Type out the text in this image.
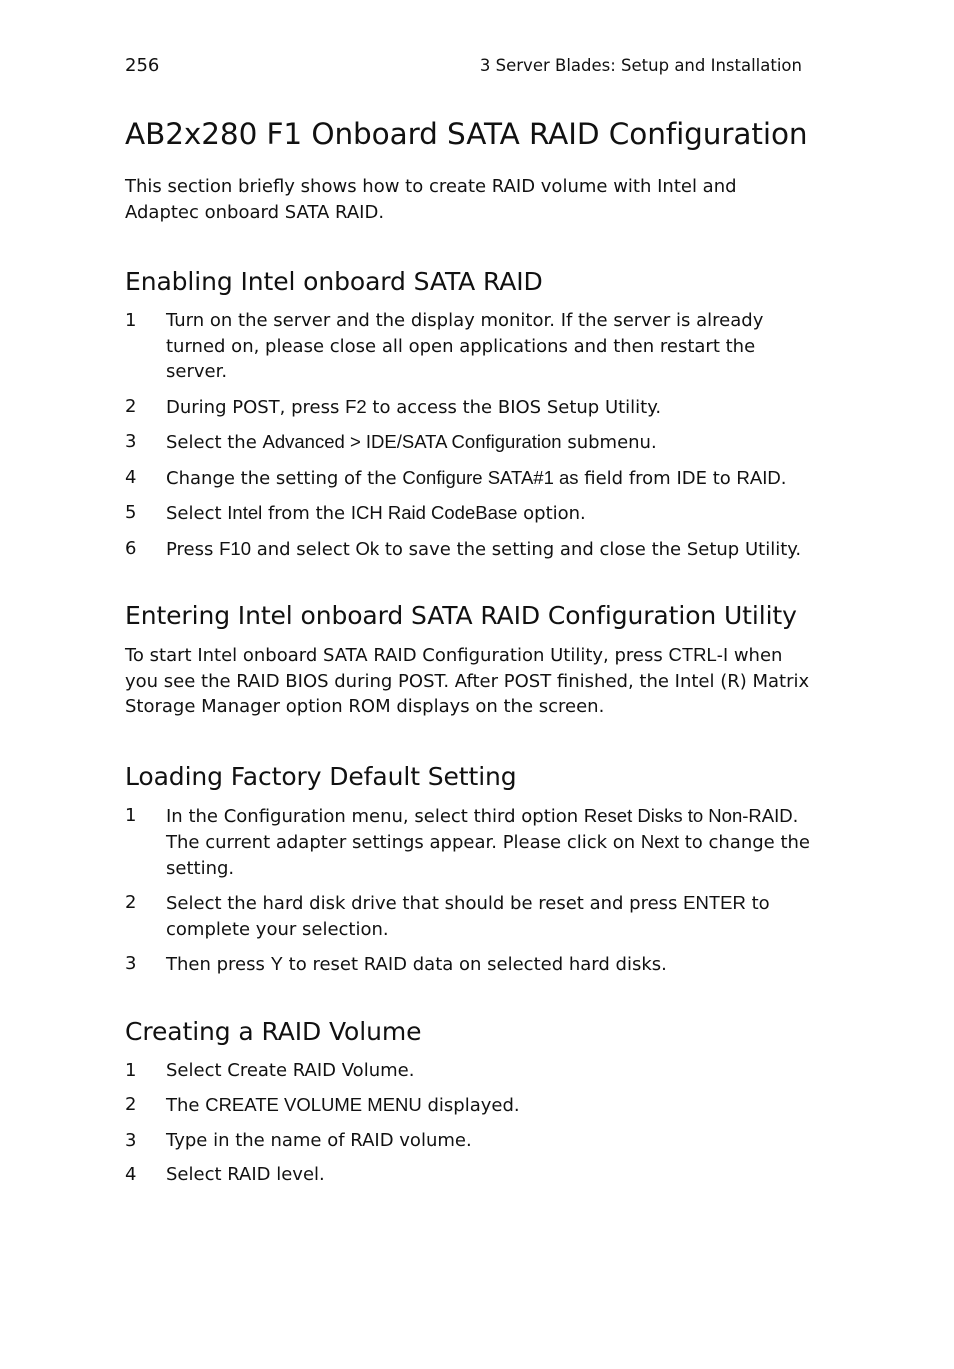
256	3 Server Blades: Setup and Installation
AB2x280 F1 Onboard SATA RAID Configuration

This section briefly shows how to create RAID volume with Intel and Adaptec onboard SATA RAID.

Enabling Intel onboard SATA RAID
1 Turn on the server and the display monitor. If the server is already turned on, please close all open applications and then restart the server.
2 During POST, press F2 to access the BIOS Setup Utility.
3 Select the Advanced > IDE/SATA Configuration submenu.
4 Change the setting of the Configure SATA#1 as field from IDE to RAID.
5 Select Intel from the ICH Raid CodeBase option.
6 Press F10 and select Ok to save the setting and close the Setup Utility.
Entering Intel onboard SATA RAID Configuration Utility

To start Intel onboard SATA RAID Configuration Utility, press CTRL-I when you see the RAID BIOS during POST. After POST finished, the Intel (R) Matrix Storage Manager option ROM displays on the screen.

Loading Factory Default Setting
1 In the Configuration menu, select third option Reset Disks to Non-RAID. The current adapter settings appear. Please click on Next to change the setting.
2 Select the hard disk drive that should be reset and press ENTER to complete your selection.
3 Then press Y to reset RAID data on selected hard disks.
Creating a RAID Volume
1 Select Create RAID Volume.
2 The CREATE VOLUME MENU displayed.
3 Type in the name of RAID volume.
4 Select RAID level.
